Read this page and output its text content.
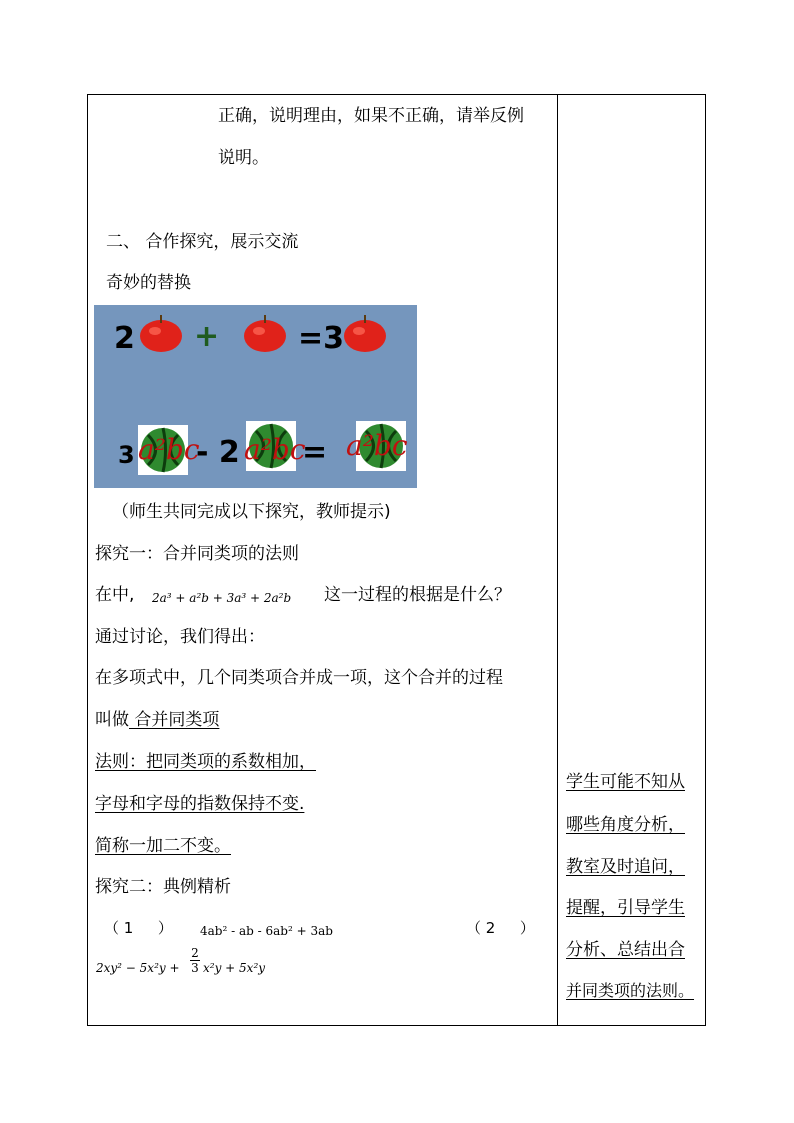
正确，说明理由，如果不正确，请举反例
说明。
二、 合作探究，展示交流
奇妙的替换
2 +	=3
3 a²bc
- 2 a²bc
= a²bc
（师生共同完成以下探究，教师提示)
探究一：合并同类项的法则
在中, 2a³ + a²b + 3a³ + 2a²b 这一过程的根据是什么？
通过讨论，我们得出：
在多项式中，几个同类项合并成一项，这个合并的过程
叫做 合并同类项
法则：把同类项的系数相加，
字母和字母的指数保持不变.
简称一加二不变。
探究二：典例精析
（ 1 　 ） 4ab² - ab - 6ab² + 3ab	（ 2 　 ）
2xy² − 5x²y +
2
3 x²y + 5x²y
学生可能不知从
哪些角度分析，
教室及时追问，
提醒，引导学生
分析、总结出合
并同类项的法则。
